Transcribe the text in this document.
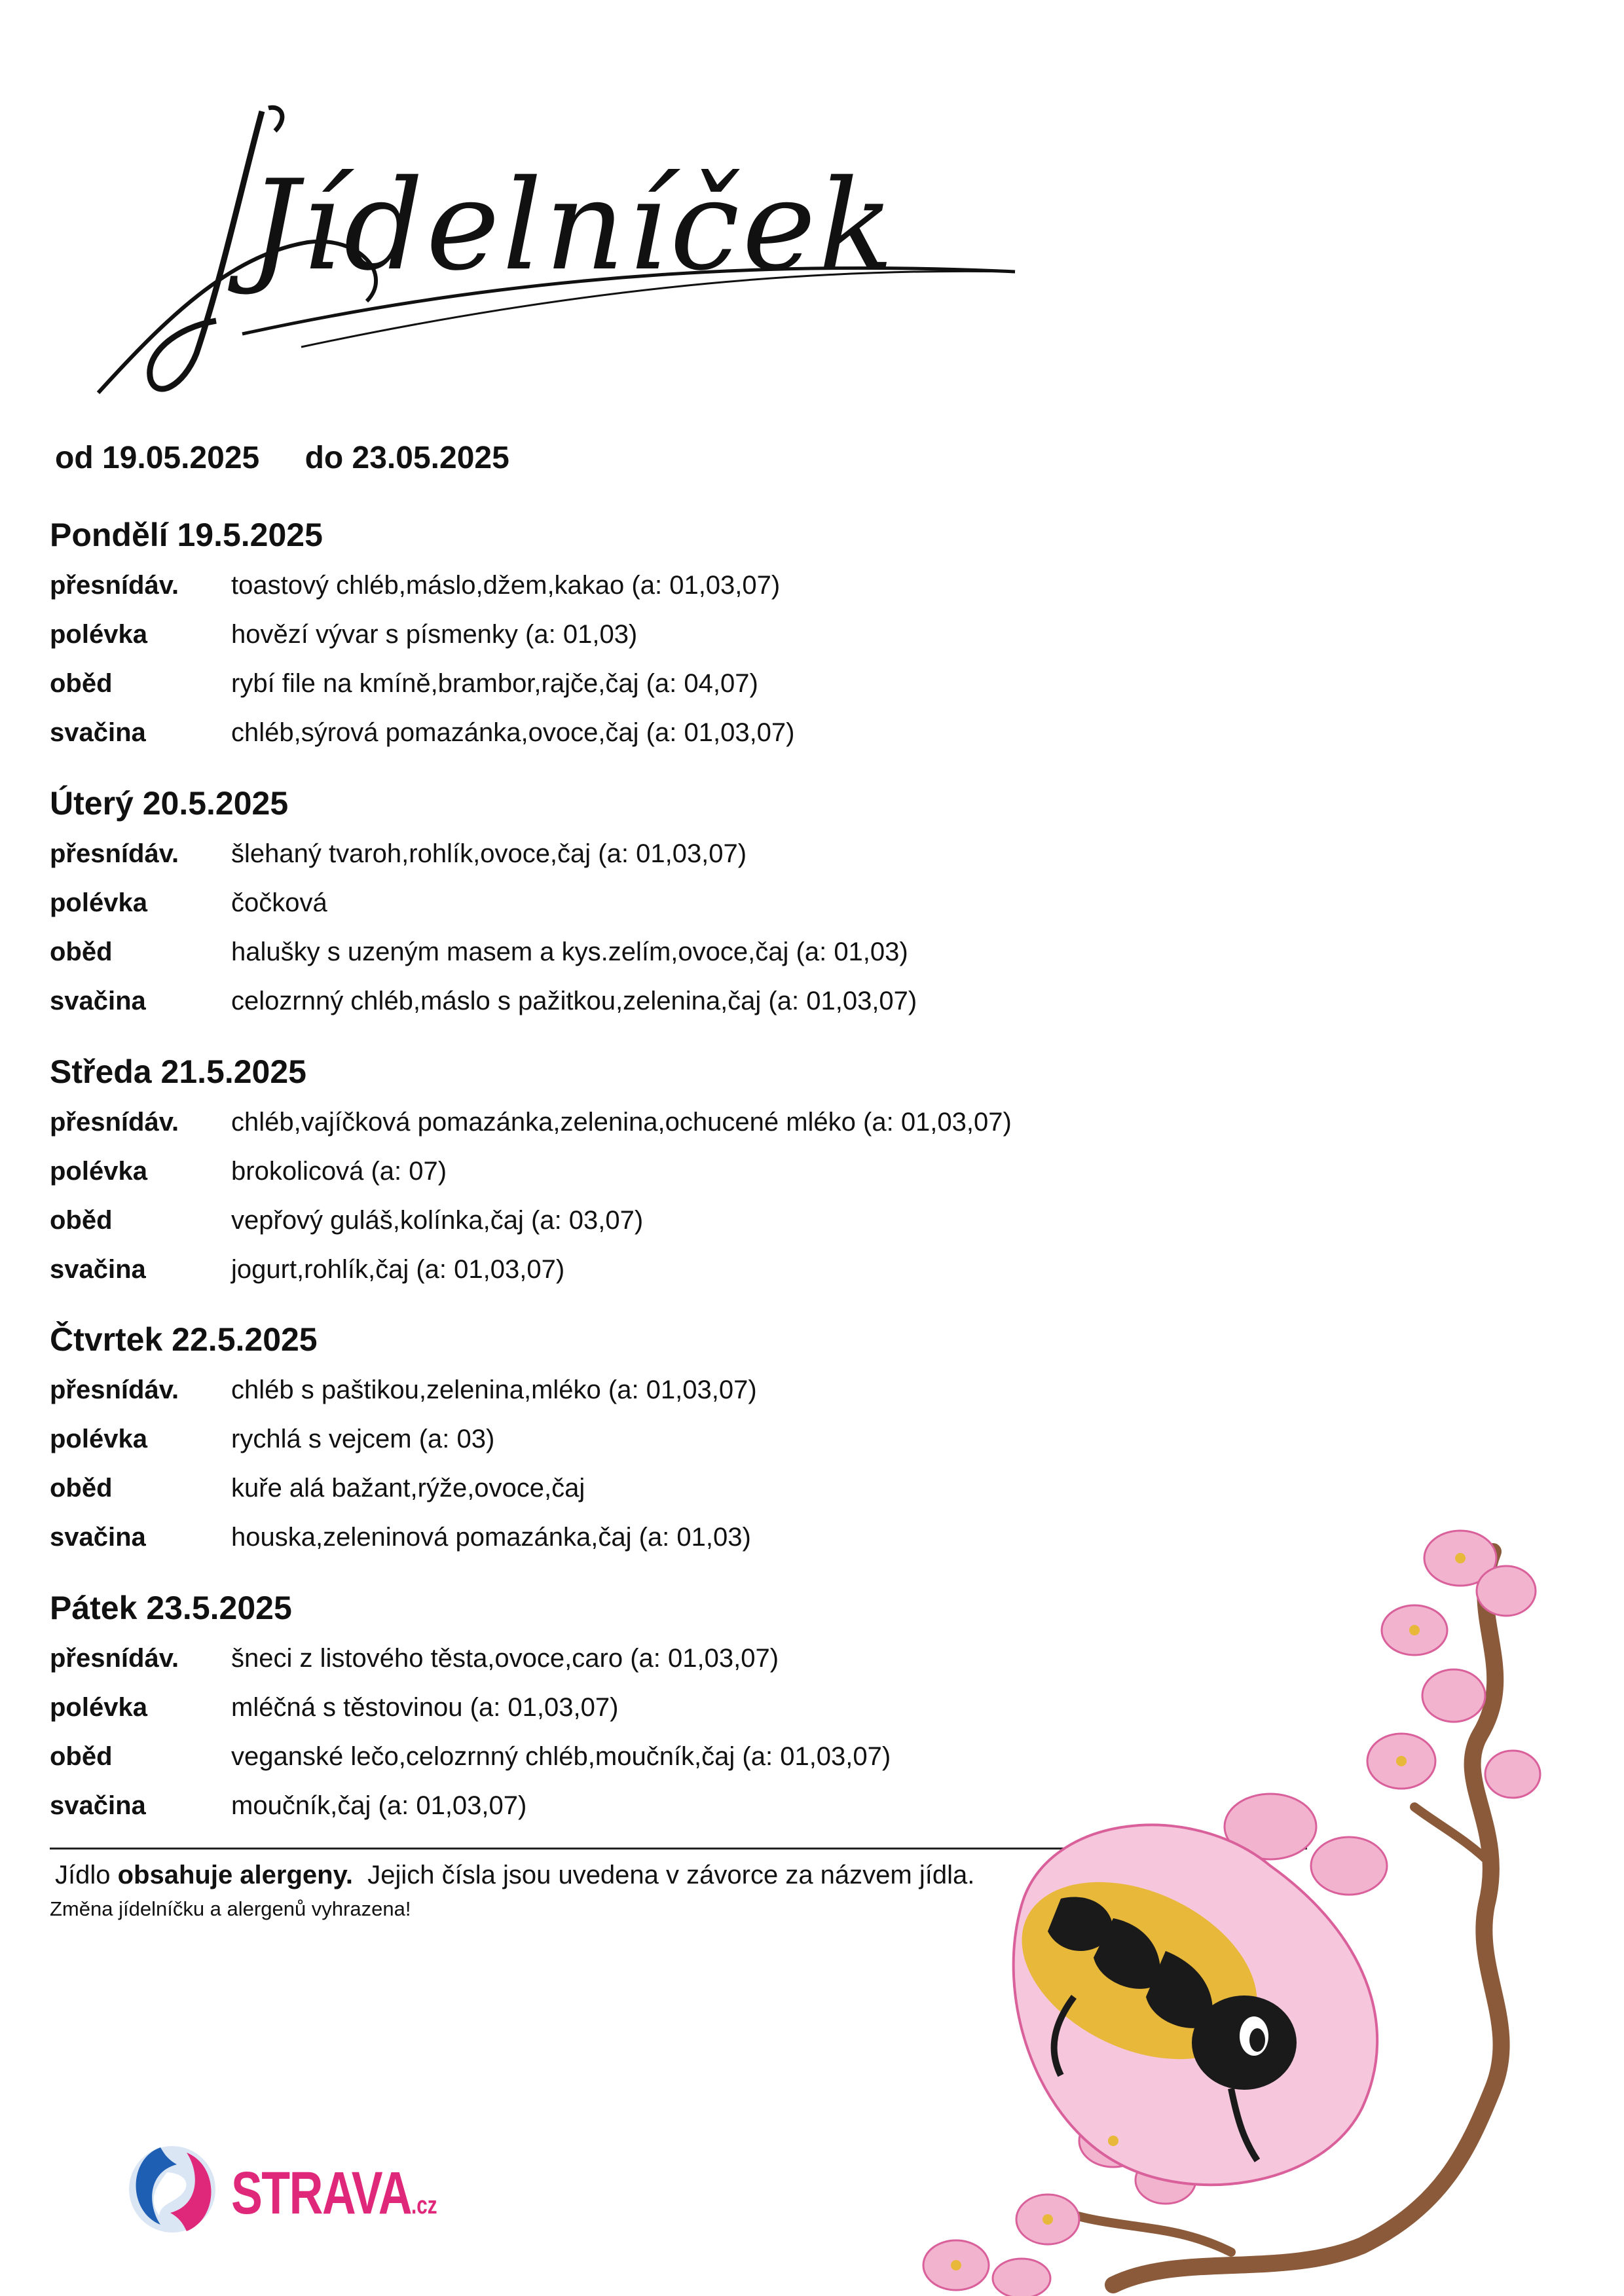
Jídelníček
od 19.05.2025 do 23.05.2025
Pondělí 19.5.2025
přesnídáv. toastový chléb,máslo,džem,kakao (a: 01,03,07)
polévka	hovězí vývar s písmenky (a: 01,03)
oběd	rybí file na kmíně,brambor,rajče,čaj (a: 04,07)
svačina	chléb,sýrová pomazánka,ovoce,čaj (a: 01,03,07)
Úterý 20.5.2025
přesnídáv. šlehaný tvaroh,rohlík,ovoce,čaj (a: 01,03,07)
polévka	čočková
oběd	halušky s uzeným masem a kys.zelím,ovoce,čaj (a: 01,03)
svačina	celozrnný chléb,máslo s pažitkou,zelenina,čaj (a: 01,03,07)
Středa 21.5.2025
přesnídáv. chléb,vajíčková pomazánka,zelenina,ochucené mléko (a: 01,03,07)
polévka	brokolicová (a: 07)
oběd	vepřový guláš,kolínka,čaj (a: 03,07)
svačina	jogurt,rohlík,čaj (a: 01,03,07)
Čtvrtek 22.5.2025
přesnídáv. chléb s paštikou,zelenina,mléko (a: 01,03,07)
polévka	rychlá s vejcem (a: 03)
oběd	kuře alá bažant,rýže,ovoce,čaj
svačina	houska,zeleninová pomazánka,čaj (a: 01,03)
Pátek 23.5.2025
přesnídáv. šneci z listového těsta,ovoce,caro (a: 01,03,07)
polévka	mléčná s těstovinou (a: 01,03,07)
oběd	veganské lečo,celozrnný chléb,moučník,čaj (a: 01,03,07)
svačina	moučník,čaj (a: 01,03,07)
Jídlo obsahuje alergeny.  Jejich čísla jsou uvedena v závorce za názvem jídla.
Změna jídelníčku a alergenů vyhrazena!
STRAVA.cz
